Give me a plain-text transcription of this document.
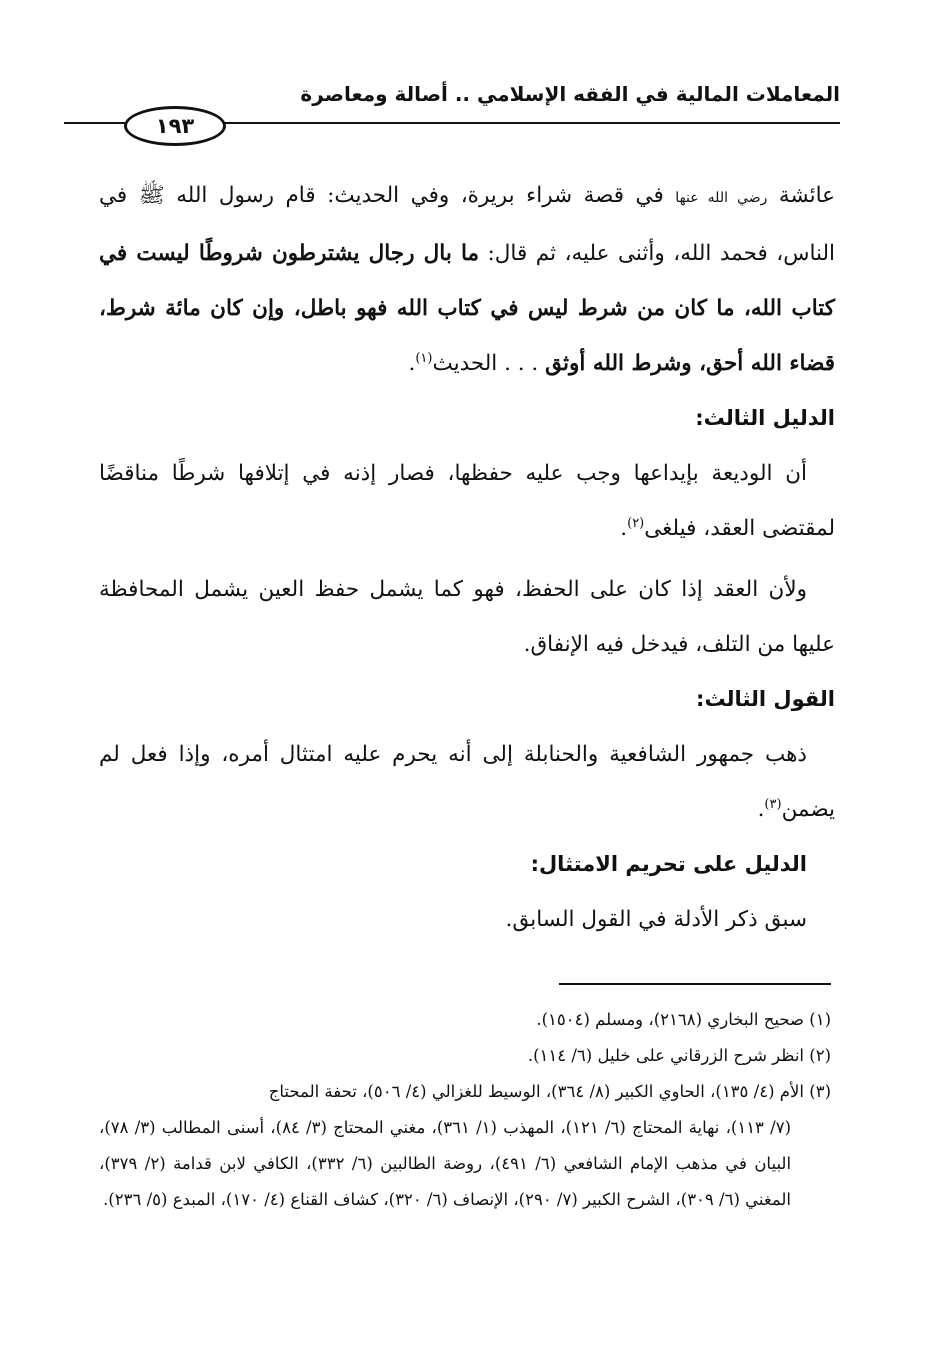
المعاملات المالية في الفقه الإسلامي .. أصالة ومعاصرة
١٩٣

عائشة رضي الله عنها في قصة شراء بريرة، وفي الحديث: قام رسول الله ﷺ في الناس، فحمد الله، وأثنى عليه، ثم قال: ما بال رجال يشترطون شروطًا ليست في كتاب الله، ما كان من شرط ليس في كتاب الله فهو باطل، وإن كان مائة شرط، قضاء الله أحق، وشرط الله أوثق . . . الحديث$^{(١)}$.

الدليل الثالث:

أن الوديعة بإيداعها وجب عليه حفظها، فصار إذنه في إتلافها شرطًا مناقضًا لمقتضى العقد، فيلغى$^{(٢)}$.

ولأن العقد إذا كان على الحفظ، فهو كما يشمل حفظ العين يشمل المحافظة عليها من التلف، فيدخل فيه الإنفاق.

القول الثالث:

ذهب جمهور الشافعية والحنابلة إلى أنه يحرم عليه امتثال أمره، وإذا فعل لم يضمن$^{(٣)}$.

الدليل على تحريم الامتثال:

سبق ذكر الأدلة في القول السابق.

(١) صحيح البخاري (٢١٦٨)، ومسلم (١٥٠٤).

(٢) انظر شرح الزرقاني على خليل (٦/ ١١٤).

(٣) الأم (٤/ ١٣٥)، الحاوي الكبير (٨/ ٣٦٤)، الوسيط للغزالي (٤/ ٥٠٦)، تحفة المحتاج

(٧/ ١١٣)، نهاية المحتاج (٦/ ١٢١)، المهذب (١/ ٣٦١)، مغني المحتاج (٣/ ٨٤)، أسنى المطالب (٣/ ٧٨)، البيان في مذهب الإمام الشافعي (٦/ ٤٩١)، روضة الطالبين (٦/ ٣٣٢)، الكافي لابن قدامة (٢/ ٣٧٩)، المغني (٦/ ٣٠٩)، الشرح الكبير (٧/ ٢٩٠)، الإنصاف (٦/ ٣٢٠)، كشاف القناع (٤/ ١٧٠)، المبدع (٥/ ٢٣٦).
